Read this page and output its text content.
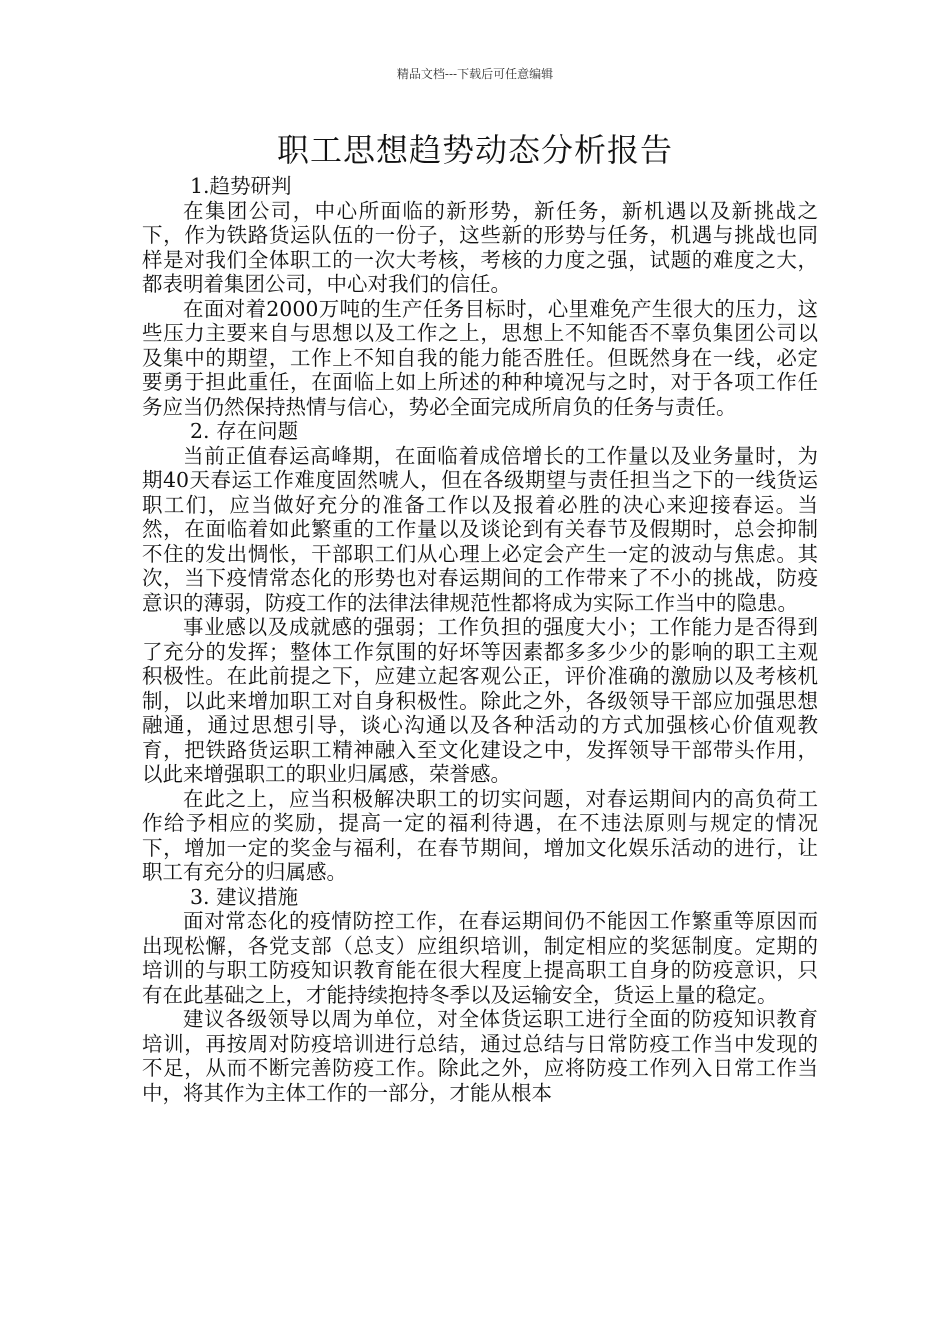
精品文档---下载后可任意编辑
职工思想趋势动态分析报告

1.趋势研判

在集团公司，中心所面临的新形势，新任务，新机遇以及新挑战之下，作为铁路货运队伍的一份子，这些新的形势与任务，机遇与挑战也同样是对我们全体职工的一次大考核，考核的力度之强，试题的难度之大，都表明着集团公司，中心对我们的信任。

在面对着2000万吨的生产任务目标时，心里难免产生很大的压力，这些压力主要来自与思想以及工作之上，思想上不知能否不辜负集团公司以及集中的期望，工作上不知自我的能力能否胜任。但既然身在一线，必定要勇于担此重任，在面临上如上所述的种种境况与之时，对于各项工作任务应当仍然保持热情与信心，势必全面完成所肩负的任务与责任。

2. 存在问题

当前正值春运高峰期，在面临着成倍增长的工作量以及业务量时，为期40天春运工作难度固然唬人，但在各级期望与责任担当之下的一线货运职工们，应当做好充分的准备工作以及报着必胜的决心来迎接春运。当然，在面临着如此繁重的工作量以及谈论到有关春节及假期时，总会抑制不住的发出惆怅，干部职工们从心理上必定会产生一定的波动与焦虑。其次，当下疫情常态化的形势也对春运期间的工作带来了不小的挑战，防疫意识的薄弱，防疫工作的法律法律规范性都将成为实际工作当中的隐患。

事业感以及成就感的强弱；工作负担的强度大小；工作能力是否得到了充分的发挥；整体工作氛围的好坏等因素都多多少少的影响的职工主观积极性。在此前提之下，应建立起客观公正，评价准确的激励以及考核机制，以此来增加职工对自身积极性。除此之外，各级领导干部应加强思想融通，通过思想引导，谈心沟通以及各种活动的方式加强核心价值观教育，把铁路货运职工精神融入至文化建设之中，发挥领导干部带头作用，以此来增强职工的职业归属感，荣誉感。

在此之上，应当积极解决职工的切实问题，对春运期间内的高负荷工作给予相应的奖励，提高一定的福利待遇，在不违法原则与规定的情况下，增加一定的奖金与福利，在春节期间，增加文化娱乐活动的进行，让职工有充分的归属感。

3. 建议措施

面对常态化的疫情防控工作，在春运期间仍不能因工作繁重等原因而出现松懈，各党支部（总支）应组织培训，制定相应的奖惩制度。定期的培训的与职工防疫知识教育能在很大程度上提高职工自身的防疫意识，只有在此基础之上，才能持续抱持冬季以及运输安全，货运上量的稳定。

建议各级领导以周为单位，对全体货运职工进行全面的防疫知识教育培训，再按周对防疫培训进行总结，通过总结与日常防疫工作当中发现的不足，从而不断完善防疫工作。除此之外，应将防疫工作列入日常工作当中，将其作为主体工作的一部分，才能从根本
